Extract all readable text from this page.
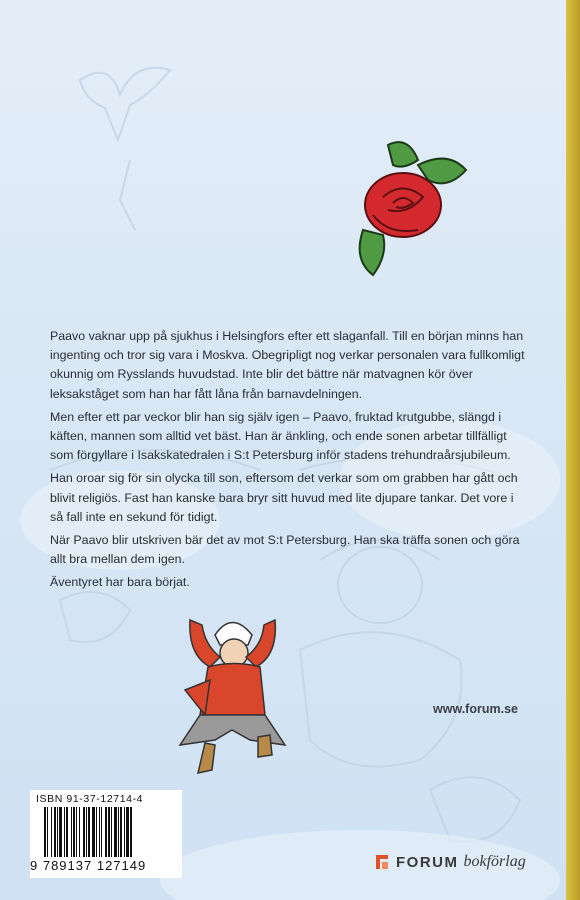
Paavo vaknar upp på sjukhus i Helsingfors efter ett slaganfall. Till en början minns han ingenting och tror sig vara i Moskva. Obegripligt nog verkar personalen vara fullkomligt okunnig om Rysslands huvudstad. Inte blir det bättre när matvagnen kör över leksakståget som han har fått låna från barnavdelningen.

Men efter ett par veckor blir han sig själv igen – Paavo, fruktad krutgubbe, slängd i käften, mannen som alltid vet bäst. Han är änkling, och ende sonen arbetar tillfälligt som förgyllare i Isakskatedralen i S:t Petersburg inför stadens trehundraårsjubileum.

Han oroar sig för sin olycka till son, eftersom det verkar som om grabben har gått och blivit religiös. Fast han kanske bara bryr sitt huvud med lite djupare tankar. Det vore i så fall inte en sekund för tidigt.

När Paavo blir utskriven bär det av mot S:t Petersburg. Han ska träffa sonen och göra allt bra mellan dem igen.

Äventyret har bara börjat.

www.forum.se
ISBN 91-37-12714-4
9 789137 127149	FORUM bokförlag
